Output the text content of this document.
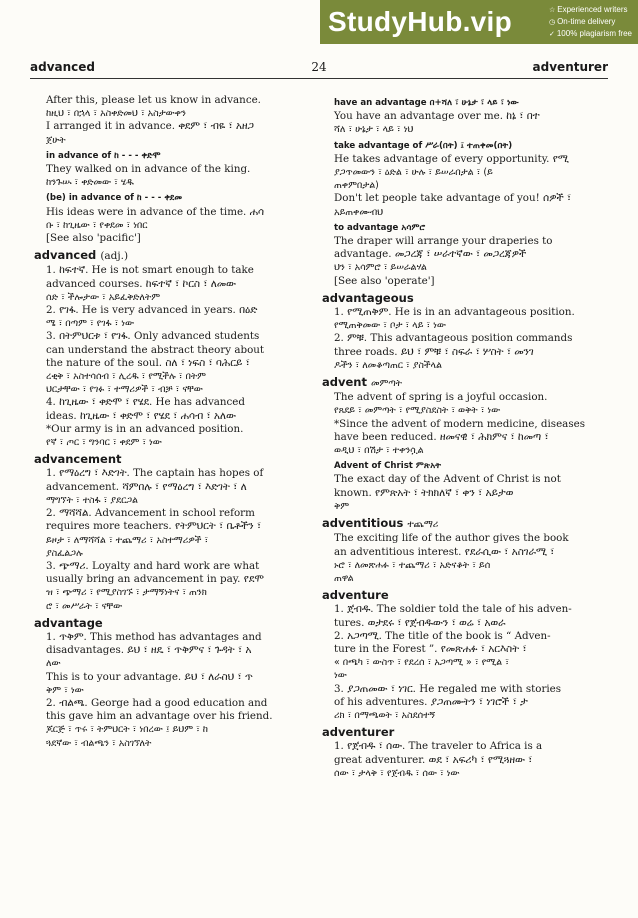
StudyHub.vip	☆ Experienced writers
◷ On-time delivery
✓ 100% plagiarism free
advanced	24	adventurer
After this, please let us know in advance.
ከዚህ ፣ በኋላ ፣ አስቀድመህ ፣ አስታውቀን
I arranged it in advance. ቀደም ፣ ብዬ ፣ አዘጋ
ጀሁት
in advance of ከ - - - ቀድሞ
They walked on in advance of the king.
ከንጉሡ ፣ ቀድመው ፣ ሄዱ
(be) in advance of ከ - - - ቀደመ
His ideas were in advance of the time. ሐሳ
ቡ ፣ ከጊዜው ፣ የቀደመ ፣ ነበር
[See also 'pacific']
advanced (adj.)
1. ከፍተኛ. He is not smart enough to take
advanced courses. ከፍተኛ ፣ ኮርስ ፣ ለመው
ሰድ ፣ ችሎታው ፣ አይፈቅድለትም
2. የገፋ. He is very advanced in years. በዕድ
ሜ ፣ በጣም ፣ የገፋ ፣ ነው
3. በትምህርቱ ፣ የገፋ. Only advanced students
can understand the abstract theory about
the nature of the soul. ስለ ፣ ነፍስ ፣ ባሕርይ ፣
ረቂቅ ፣ አስተሳሰብ ፣ ሊረዱ ፣ የሚችሉ ፣ በትም
ህርታቸው ፣ የገፉ ፣ ተማሪዎች ፣ ብቻ ፣ ናቸው
4. ከጊዜው ፣ ቀድሞ ፣ የሄደ. He has advanced
ideas. ከጊዜው ፣ ቀድሞ ፣ የሄደ ፣ ሐሳብ ፣ አለው
*Our army is in an advanced position.
የኛ ፣ ጦር ፣ ግንባር ፣ ቀደም ፣ ነው
advancement
1. የማዕረግ ፣ እድገት. The captain has hopes of
advancement. ሻምበሉ ፣ የማዕረግ ፣ እድገት ፣ ለ
ማግኘት ፣ ተስፋ ፣ ያደርጋል
2. ማሻሻል. Advancement in school reform
requires more teachers. የትምህርት ፣ ቤቶችን ፣
ይዞታ ፣ ለማሻሻል ፣ ተጨማሪ ፣ አስተማሪዎች ፣
ያስፈልጋሉ
3. ጭማሪ. Loyalty and hard work are what
usually bring an advancement in pay. የደሞ
ዝ ፣ ጭማሪ ፣ የሚያስገኙ ፣ ታማኝነትና ፣ ጠንክ
ሮ ፣ መሥራት ፣ ናቸው
advantage
1. ጥቅም. This method has advantages and
disadvantages. ይህ ፣ ዘዴ ፣ ጥቅምና ፣ ጉዳት ፣ አ
ለው
This is to your advantage. ይህ ፣ ለራስህ ፣ ጥ
ቅም ፣ ነው
2. ብልጫ. George had a good education and
this gave him an advantage over his friend.
ጆርጅ ፣ ጥሩ ፣ ትምህርት ፣ ነበረው ፤ ይህም ፣ ከ
ጓደኛው ፣ ብልጫን ፣ አስገኘለት
have an advantage በ+ሻለ ፣ ሁኔታ ፣ ላይ ፣ ነው
You have an advantage over me. ከኔ ፣ በተ
ሻለ ፣ ሁኔታ ፣ ላይ ፣ ነህ
take advantage of ሥራ(በት) ፤ ተጠቀመ(በት)
He takes advantage of every opportunity. የሚ
ያጋጥመውን ፣ ዕድል ፣ ሁሉ ፣ ይሠራበታል ፣ (ይ
ጠቀምበታል)
Don't let people take advantage of you! ሰዎች ፣
አይጠቀሙብህ
to advantage አሳምሮ
The draper will arrange your draperies to
advantage. መጋረጃ ፣ ሠራተኛው ፣ መጋረጃዎች
ህን ፣ አሳምሮ ፣ ይሠራልሃል
[See also 'operate']
advantageous
1. የሚጠቅም. He is in an advantageous position.
የሚጠቅመው ፣ ቦታ ፣ ላይ ፣ ነው
2. ምቹ. This advantageous position commands
three roads. ይህ ፣ ምቹ ፣ ስፍራ ፣ ሦስት ፣ መንገ
ዶችን ፣ ለመቆጣጠር ፣ ያስችላል
advent መምጣት
The advent of spring is a joyful occasion.
የጸደይ ፣ መምጣት ፣ የሚያስደስት ፣ ወቅት ፣ ነው
*Since the advent of modern medicine, diseases
have been reduced. ዘመናዊ ፣ ሕክምና ፣ ከመጣ ፣
ወዲህ ፣ በሽታ ፣ ተቀንሷል
Advent of Christ ምጽአት
The exact day of the Advent of Christ is not
known. የምጽአት ፣ ትክክለኛ ፣ ቀን ፣ አይታወ
ቅም
adventitious ተጨማሪ
The exciting life of the author gives the book
an adventitious interest. የደራሲው ፣ አስገራሚ ፣
ኑሮ ፣ ለመጽሐፉ ፣ ተጨማሪ ፣ አድናቆት ፣ ይሰ
ጠዋል
adventure
1. ጀብዱ. The soldier told the tale of his adven-
tures. ወታደሩ ፣ የጀብዱውን ፣ ወሬ ፣ አወራ
2. አጋጣሚ. The title of the book is “ Adven-
ture in the Forest ”. የመጽሐፉ ፣ አርእስት ፣
« በጫካ ፣ ውስጥ ፣ የደረሰ ፣ አጋጣሚ » ፣ የሚል ፣
ነው
3. ያጋጠመው ፣ ነገር. He regaled me with stories
of his adventures. ያጋጠሙትን ፣ ነገሮች ፣ ታ
ሪክ ፣ በማጫወት ፣ አስደሰተኝ
adventurer
1. የጀብዱ ፣ ሰው. The traveler to Africa is a
great adventurer. ወደ ፣ አፍሪካ ፣ የሚጓዘው ፣
ሰው ፣ ታላቅ ፣ የጀብዱ ፣ ሰው ፣ ነው
